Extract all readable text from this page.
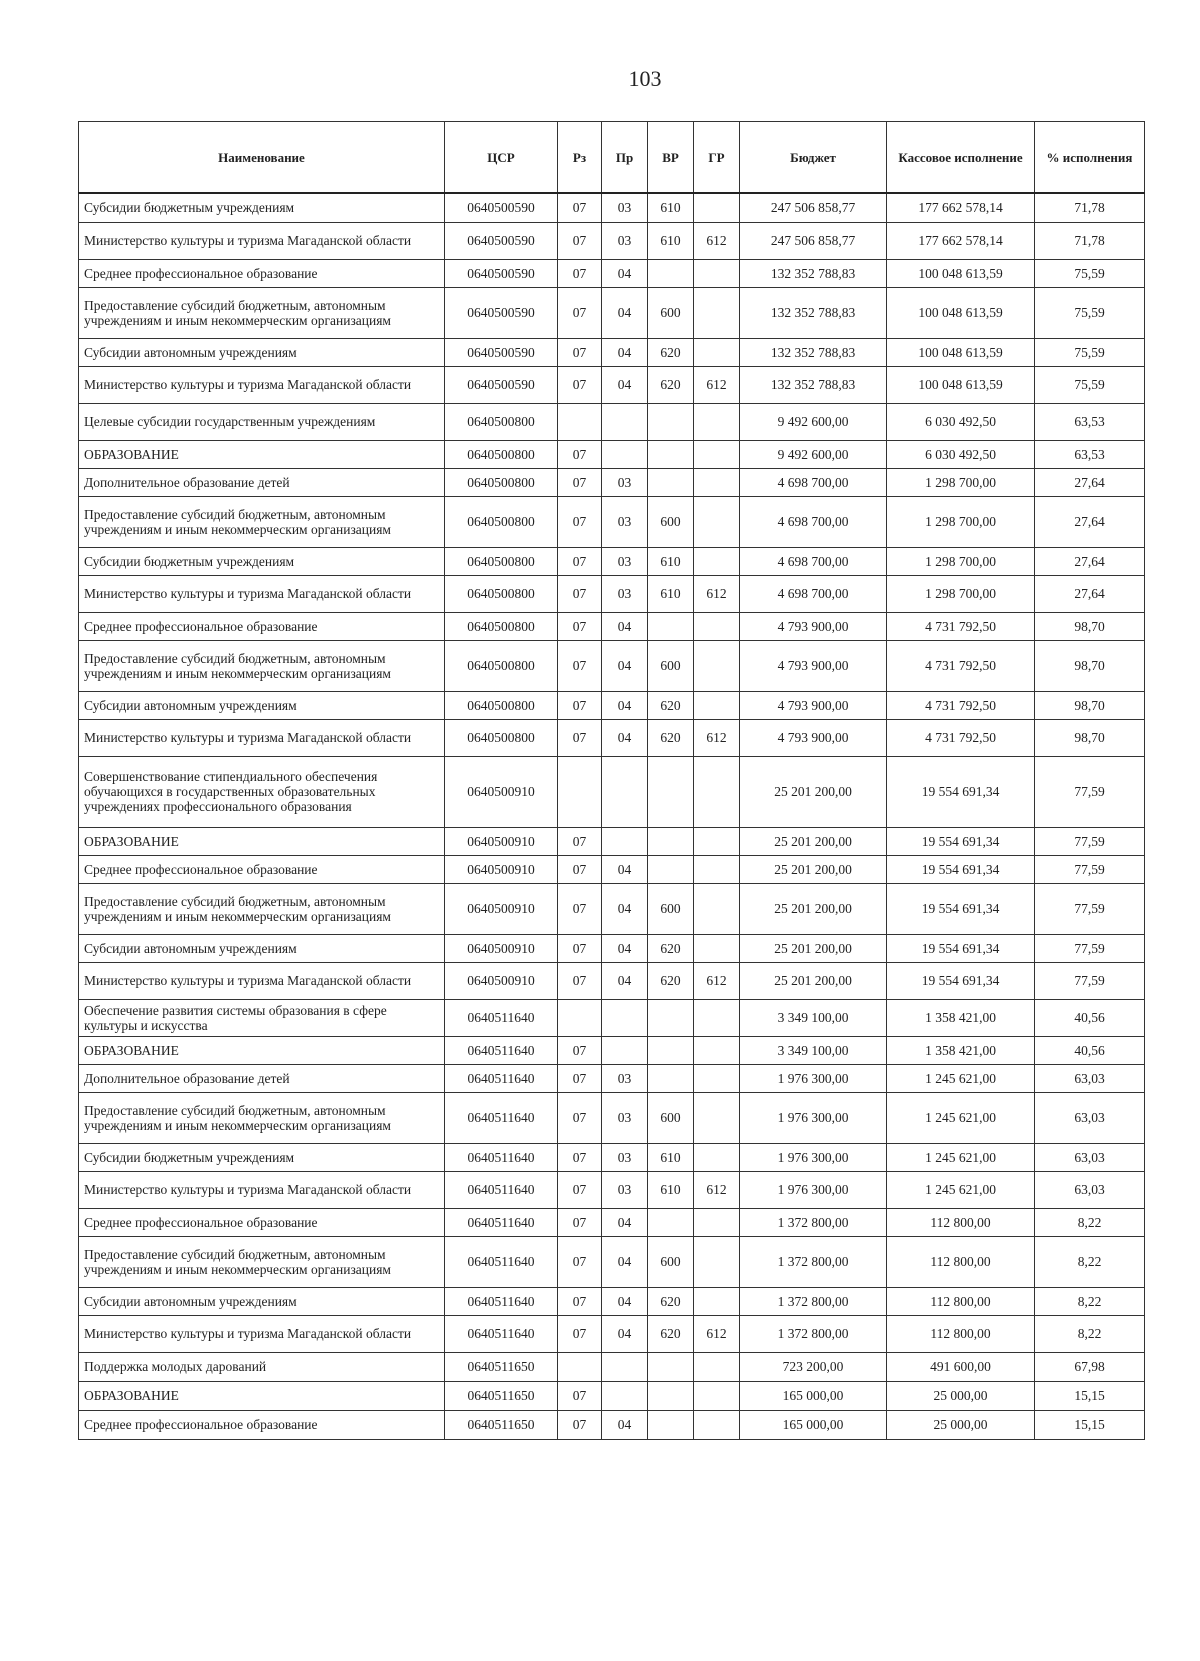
103
Наименование	ЦСР	Рз	Пр	ВР	ГР	Бюджет	Кассовое исполнение	% исполнения
Субсидии бюджетным учреждениям	0640500590	07	03	610		247 506 858,77	177 662 578,14	71,78
Министерство культуры и туризма Магаданской области	0640500590	07	03	610	612	247 506 858,77	177 662 578,14	71,78
Среднее профессиональное образование	0640500590	07	04			132 352 788,83	100 048 613,59	75,59
Предоставление субсидий бюджетным, автономным учреждениям и иным некоммерческим организациям	0640500590	07	04	600		132 352 788,83	100 048 613,59	75,59
Субсидии автономным учреждениям	0640500590	07	04	620		132 352 788,83	100 048 613,59	75,59
Министерство культуры и туризма Магаданской области	0640500590	07	04	620	612	132 352 788,83	100 048 613,59	75,59
Целевые субсидии государственным учреждениям	0640500800					9 492 600,00	6 030 492,50	63,53
ОБРАЗОВАНИЕ	0640500800	07				9 492 600,00	6 030 492,50	63,53
Дополнительное образование детей	0640500800	07	03			4 698 700,00	1 298 700,00	27,64
Предоставление субсидий бюджетным, автономным учреждениям и иным некоммерческим организациям	0640500800	07	03	600		4 698 700,00	1 298 700,00	27,64
Субсидии бюджетным учреждениям	0640500800	07	03	610		4 698 700,00	1 298 700,00	27,64
Министерство культуры и туризма Магаданской области	0640500800	07	03	610	612	4 698 700,00	1 298 700,00	27,64
Среднее профессиональное образование	0640500800	07	04			4 793 900,00	4 731 792,50	98,70
Предоставление субсидий бюджетным, автономным учреждениям и иным некоммерческим организациям	0640500800	07	04	600		4 793 900,00	4 731 792,50	98,70
Субсидии автономным учреждениям	0640500800	07	04	620		4 793 900,00	4 731 792,50	98,70
Министерство культуры и туризма Магаданской области	0640500800	07	04	620	612	4 793 900,00	4 731 792,50	98,70
Совершенствование стипендиального обеспечения обучающихся в государственных образовательных учреждениях профессионального образования	0640500910					25 201 200,00	19 554 691,34	77,59
ОБРАЗОВАНИЕ	0640500910	07				25 201 200,00	19 554 691,34	77,59
Среднее профессиональное образование	0640500910	07	04			25 201 200,00	19 554 691,34	77,59
Предоставление субсидий бюджетным, автономным учреждениям и иным некоммерческим организациям	0640500910	07	04	600		25 201 200,00	19 554 691,34	77,59
Субсидии автономным учреждениям	0640500910	07	04	620		25 201 200,00	19 554 691,34	77,59
Министерство культуры и туризма Магаданской области	0640500910	07	04	620	612	25 201 200,00	19 554 691,34	77,59
Обеспечение развития системы образования в сфере культуры и искусства	0640511640					3 349 100,00	1 358 421,00	40,56
ОБРАЗОВАНИЕ	0640511640	07				3 349 100,00	1 358 421,00	40,56
Дополнительное образование детей	0640511640	07	03			1 976 300,00	1 245 621,00	63,03
Предоставление субсидий бюджетным, автономным учреждениям и иным некоммерческим организациям	0640511640	07	03	600		1 976 300,00	1 245 621,00	63,03
Субсидии бюджетным учреждениям	0640511640	07	03	610		1 976 300,00	1 245 621,00	63,03
Министерство культуры и туризма Магаданской области	0640511640	07	03	610	612	1 976 300,00	1 245 621,00	63,03
Среднее профессиональное образование	0640511640	07	04			1 372 800,00	112 800,00	8,22
Предоставление субсидий бюджетным, автономным учреждениям и иным некоммерческим организациям	0640511640	07	04	600		1 372 800,00	112 800,00	8,22
Субсидии автономным учреждениям	0640511640	07	04	620		1 372 800,00	112 800,00	8,22
Министерство культуры и туризма Магаданской области	0640511640	07	04	620	612	1 372 800,00	112 800,00	8,22
Поддержка молодых дарований	0640511650					723 200,00	491 600,00	67,98
ОБРАЗОВАНИЕ	0640511650	07				165 000,00	25 000,00	15,15
Среднее профессиональное образование	0640511650	07	04			165 000,00	25 000,00	15,15
